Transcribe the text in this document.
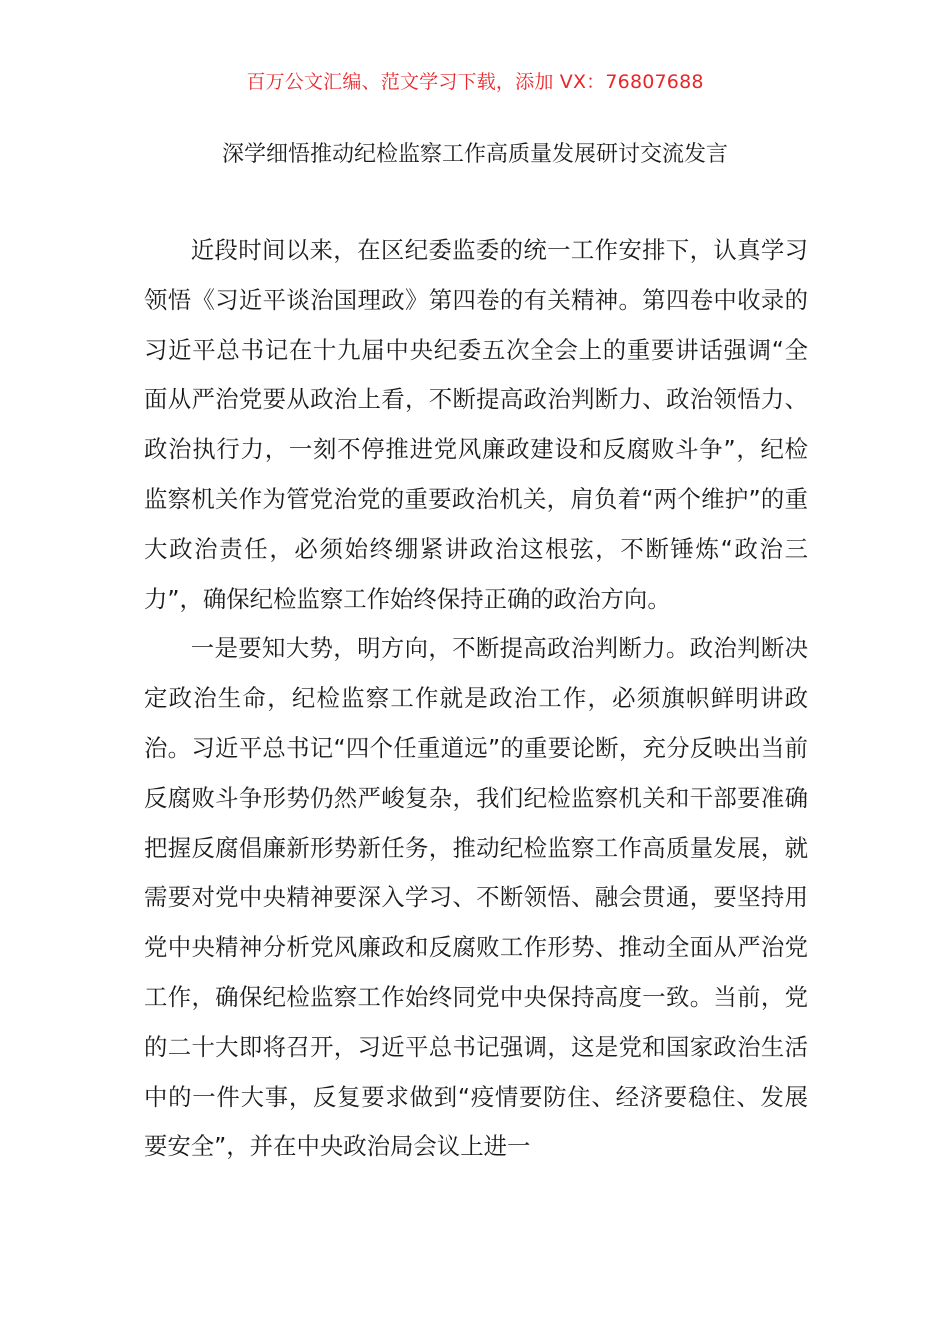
百万公文汇编、范文学习下载，添加 VX：76807688
深学细悟推动纪检监察工作高质量发展研讨交流发言

近段时间以来，在区纪委监委的统一工作安排下，认真学习领悟《习近平谈治国理政》第四卷的有关精神。第四卷中收录的习近平总书记在十九届中央纪委五次全会上的重要讲话强调“全面从严治党要从政治上看，不断提高政治判断力、政治领悟力、政治执行力，一刻不停推进党风廉政建设和反腐败斗争”，纪检监察机关作为管党治党的重要政治机关，肩负着“两个维护”的重大政治责任，必须始终绷紧讲政治这根弦，不断锤炼“政治三力”，确保纪检监察工作始终保持正确的政治方向。

一是要知大势，明方向，不断提高政治判断力。政治判断决定政治生命，纪检监察工作就是政治工作，必须旗帜鲜明讲政治。习近平总书记“四个任重道远”的重要论断，充分反映出当前反腐败斗争形势仍然严峻复杂，我们纪检监察机关和干部要准确把握反腐倡廉新形势新任务，推动纪检监察工作高质量发展，就需要对党中央精神要深入学习、不断领悟、融会贯通，要坚持用党中央精神分析党风廉政和反腐败工作形势、推动全面从严治党工作，确保纪检监察工作始终同党中央保持高度一致。当前，党的二十大即将召开，习近平总书记强调，这是党和国家政治生活中的一件大事，反复要求做到“疫情要防住、经济要稳住、发展要安全”，并在中央政治局会议上进一
